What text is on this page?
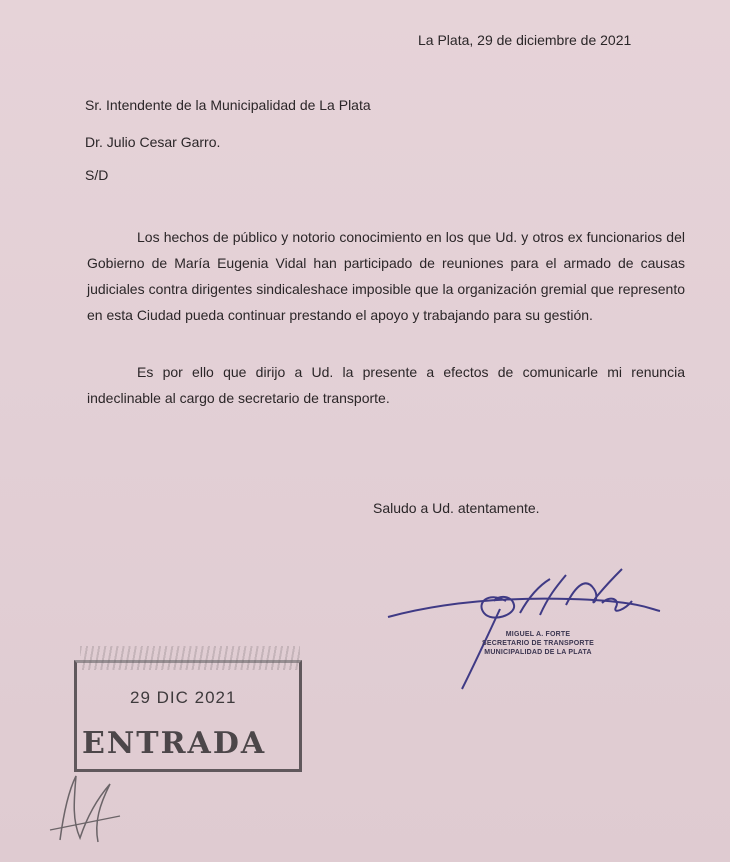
La Plata, 29 de diciembre de 2021
Sr. Intendente de la Municipalidad de La Plata
Dr. Julio Cesar Garro.
S/D
Los hechos de público y notorio conocimiento en los que Ud. y otros ex funcionarios del Gobierno de María Eugenia Vidal han participado de reuniones para el armado de causas judiciales contra dirigentes sindicaleshace imposible que la organización gremial que represento en esta Ciudad pueda continuar prestando el apoyo y trabajando para su gestión.
Es por ello que dirijo a Ud. la presente a efectos de comunicarle mi renuncia indeclinable al cargo de secretario de transporte.
Saludo a Ud. atentamente.
MIGUEL A. FORTE
SECRETARIO DE TRANSPORTE
MUNICIPALIDAD DE LA PLATA
29 DIC 2021
ENTRADA
